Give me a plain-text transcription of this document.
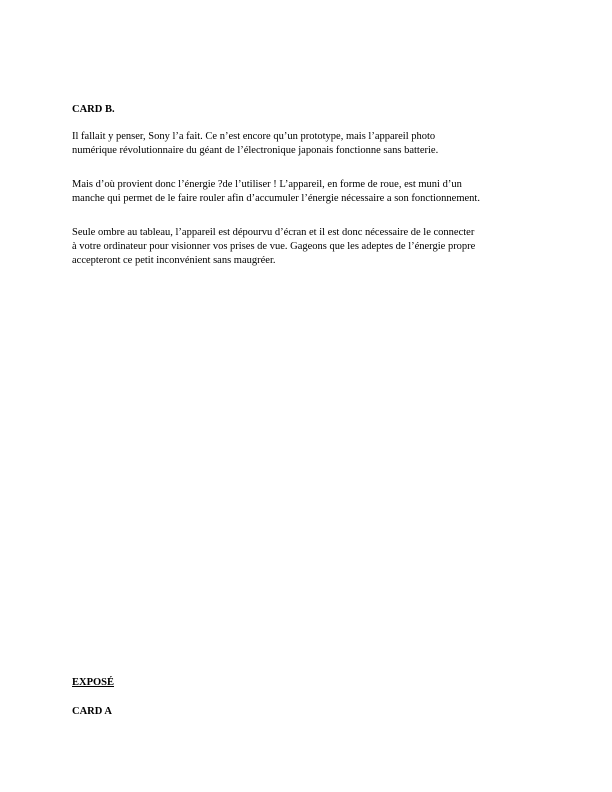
CARD B.

Il fallait y penser, Sony l’a fait. Ce n’est encore qu’un prototype, mais l’appareil photo
numérique révolutionnaire du géant de l’électronique japonais fonctionne sans batterie.

Mais d’où provient donc l’énergie ?de l’utiliser ! L’appareil, en forme de roue, est muni d’un
manche qui permet de le faire rouler afin d’accumuler l’énergie nécessaire a son fonctionnement.

Seule ombre au tableau, l’appareil est dépourvu d’écran et il est donc nécessaire de le connecter
à votre ordinateur pour visionner vos prises de vue. Gageons que les adeptes de l’énergie propre
accepteront ce petit inconvénient sans maugréer.

EXPOSÉ
CARD A
